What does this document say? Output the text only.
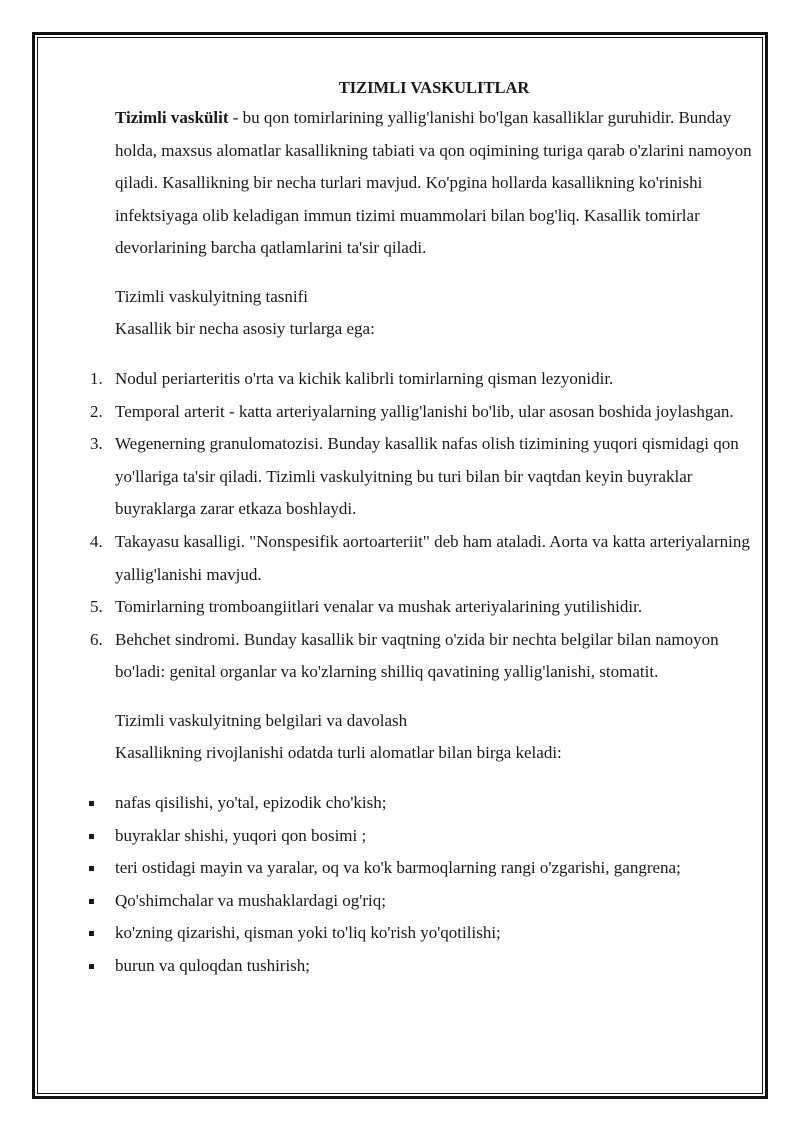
TIZIMLI VASKULITLAR

Tizimli vaskülit - bu qon tomirlarining yallig'lanishi bo'lgan kasalliklar guruhidir. Bunday holda, maxsus alomatlar kasallikning tabiati va qon oqimining turiga qarab o'zlarini namoyon qiladi. Kasallikning bir necha turlari mavjud. Ko'pgina hollarda kasallikning ko'rinishi infektsiyaga olib keladigan immun tizimi muammolari bilan bog'liq. Kasallik tomirlar devorlarining barcha qatlamlarini ta'sir qiladi.

Tizimli vaskulyitning tasnifi

Kasallik bir necha asosiy turlarga ega:

1. Nodul periarteritis o'rta va kichik kalibrli tomirlarning qisman lezyonidir.
2. Temporal arterit - katta arteriyalarning yallig'lanishi bo'lib, ular asosan boshida joylashgan.
3. Wegenerning granulomatozisi. Bunday kasallik nafas olish tizimining yuqori qismidagi qon yo'llariga ta'sir qiladi. Tizimli vaskulyitning bu turi bilan bir vaqtdan keyin buyraklar buyraklarga zarar etkaza boshlaydi.
4. Takayasu kasalligi. "Nonspesifik aortoarteriit" deb ham ataladi. Aorta va katta arteriyalarning yallig'lanishi mavjud.
5. Tomirlarning tromboangiitlari venalar va mushak arteriyalarining yutilishidir.
6. Behchet sindromi. Bunday kasallik bir vaqtning o'zida bir nechta belgilar bilan namoyon bo'ladi: genital organlar va ko'zlarning shilliq qavatining yallig'lanishi, stomatit.

Tizimli vaskulyitning belgilari va davolash

Kasallikning rivojlanishi odatda turli alomatlar bilan birga keladi:

nafas qisilishi, yo'tal, epizodik cho'kish;
buyraklar shishi, yuqori qon bosimi ;
teri ostidagi mayin va yaralar, oq va ko'k barmoqlarning rangi o'zgarishi, gangrena;
Qo'shimchalar va mushaklardagi og'riq;
ko'zning qizarishi, qisman yoki to'liq ko'rish yo'qotilishi;
burun va quloqdan tushirish;
